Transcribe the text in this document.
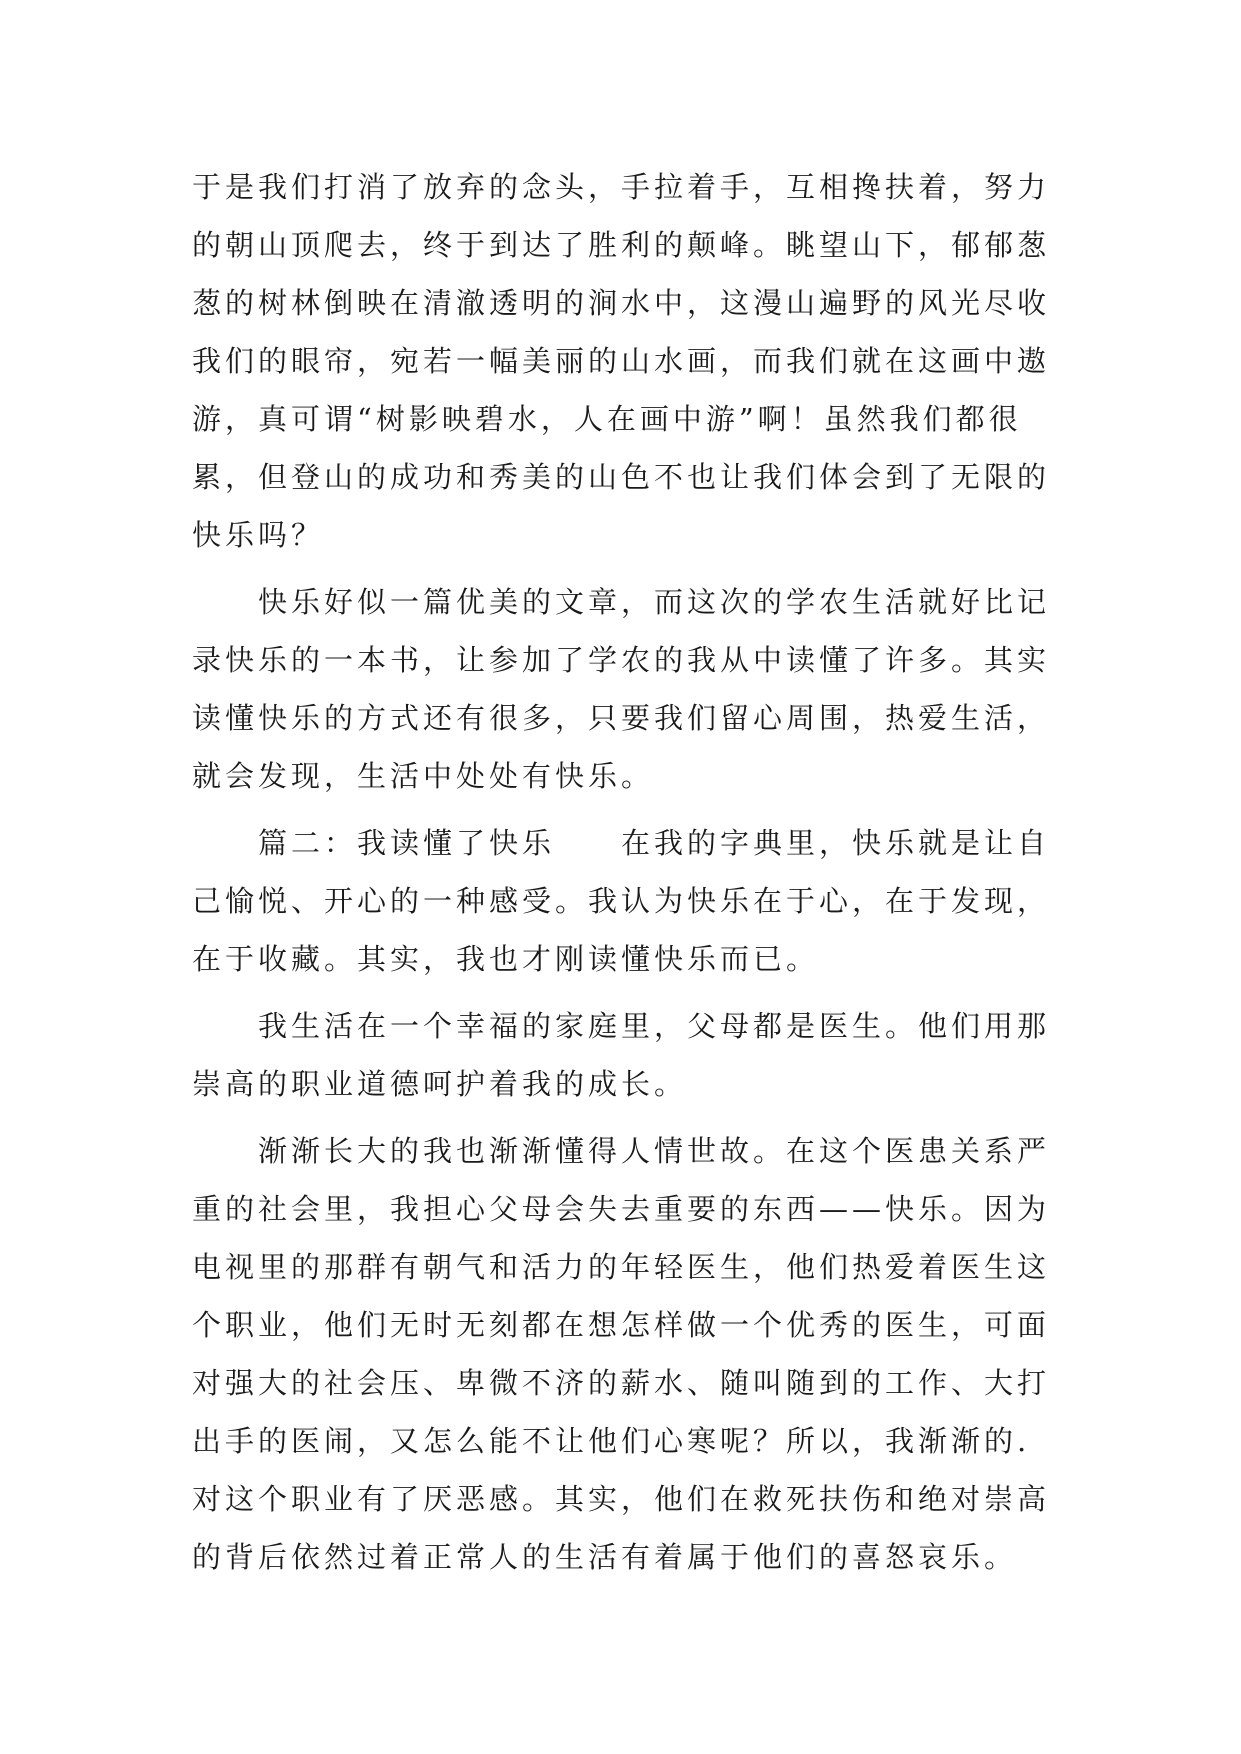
于是我们打消了放弃的念头，手拉着手，互相搀扶着，努力
的朝山顶爬去，终于到达了胜利的颠峰。眺望山下，郁郁葱
葱的树林倒映在清澈透明的涧水中，这漫山遍野的风光尽收
我们的眼帘，宛若一幅美丽的山水画，而我们就在这画中遨
游，真可谓“树影映碧水，人在画中游”啊！虽然我们都很
累，但登山的成功和秀美的山色不也让我们体会到了无限的
快乐吗？
快乐好似一篇优美的文章，而这次的学农生活就好比记
录快乐的一本书，让参加了学农的我从中读懂了许多。其实
读懂快乐的方式还有很多，只要我们留心周围，热爱生活，
就会发现，生活中处处有快乐。
篇二：我读懂了快乐　　在我的字典里，快乐就是让自
己愉悦、开心的一种感受。我认为快乐在于心，在于发现，
在于收藏。其实，我也才刚读懂快乐而已。
我生活在一个幸福的家庭里，父母都是医生。他们用那
崇高的职业道德呵护着我的成长。
渐渐长大的我也渐渐懂得人情世故。在这个医患关系严
重的社会里，我担心父母会失去重要的东西——快乐。因为
电视里的那群有朝气和活力的年轻医生，他们热爱着医生这
个职业，他们无时无刻都在想怎样做一个优秀的医生，可面
对强大的社会压、卑微不济的薪水、随叫随到的工作、大打
出手的医闹，又怎么能不让他们心寒呢？所以，我渐渐的.
对这个职业有了厌恶感。其实，他们在救死扶伤和绝对崇高
的背后依然过着正常人的生活有着属于他们的喜怒哀乐。
